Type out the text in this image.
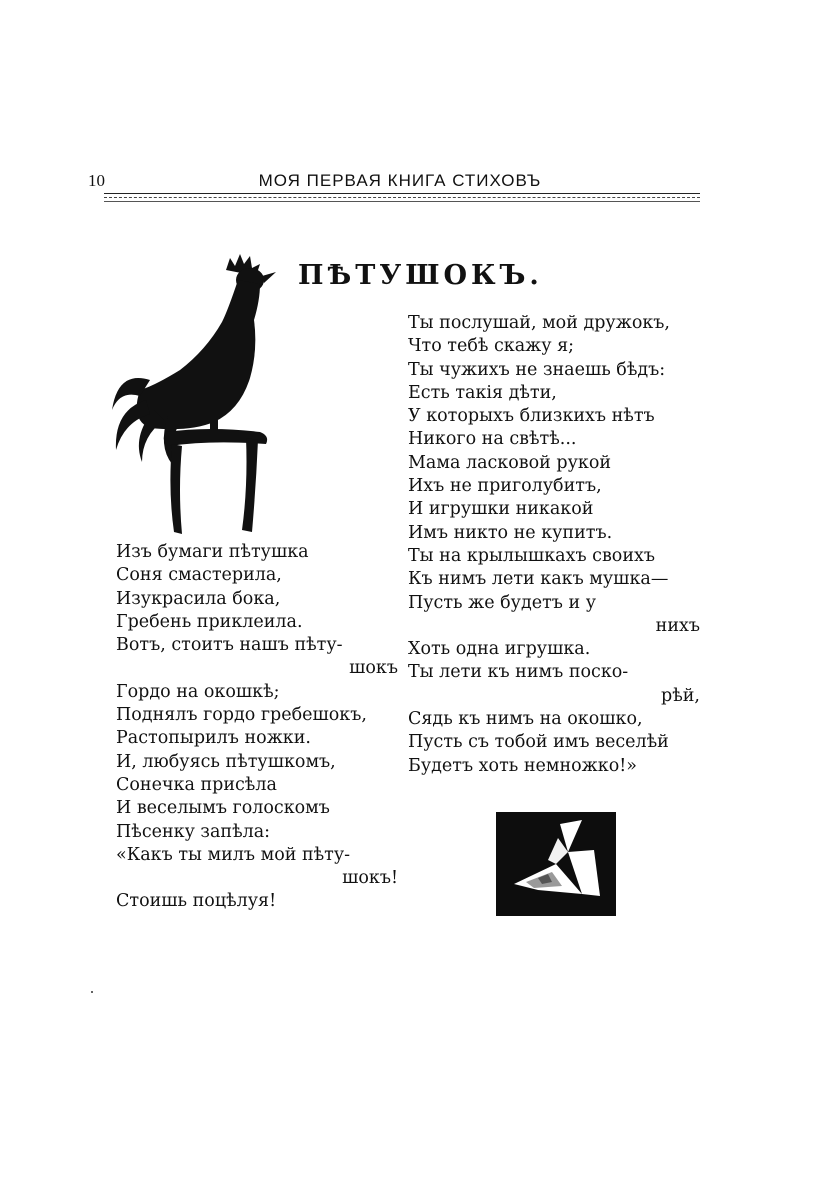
10	МОЯ ПЕРВАЯ КНИГА СТИХОВЪ
ПѢТУШОКЪ.
Изъ бумаги пѣтушка
Соня смастерила,
Изукрасила бока,
Гребень приклеила.
Вотъ, стоитъ нашъ пѣту-
шокъ
Гордо на окошкѣ;
Поднялъ гордо гребешокъ,
Растопырилъ ножки.
И, любуясь пѣтушкомъ,
Сонечка присѣла
И веселымъ голоскомъ
Пѣсенку запѣла:
«Какъ ты милъ мой пѣту-
шокъ!
Стоишь поцѣлуя!
Ты послушай, мой дружокъ,
Что тебѣ скажу я;
Ты чужихъ не знаешь бѣдъ:
Есть такія дѣти,
У которыхъ близкихъ нѣтъ
Никого на свѣтѣ...
Мама ласковой рукой
Ихъ не приголубитъ,
И игрушки никакой
Имъ никто не купитъ.
Ты на крылышкахъ своихъ
Къ нимъ лети какъ мушка—
Пусть же будетъ и у
нихъ
Хоть одна игрушка.
Ты лети къ нимъ поско-
рѣй,
Сядь къ нимъ на окошко,
Пусть съ тобой имъ веселѣй
Будетъ хоть немножко!»
